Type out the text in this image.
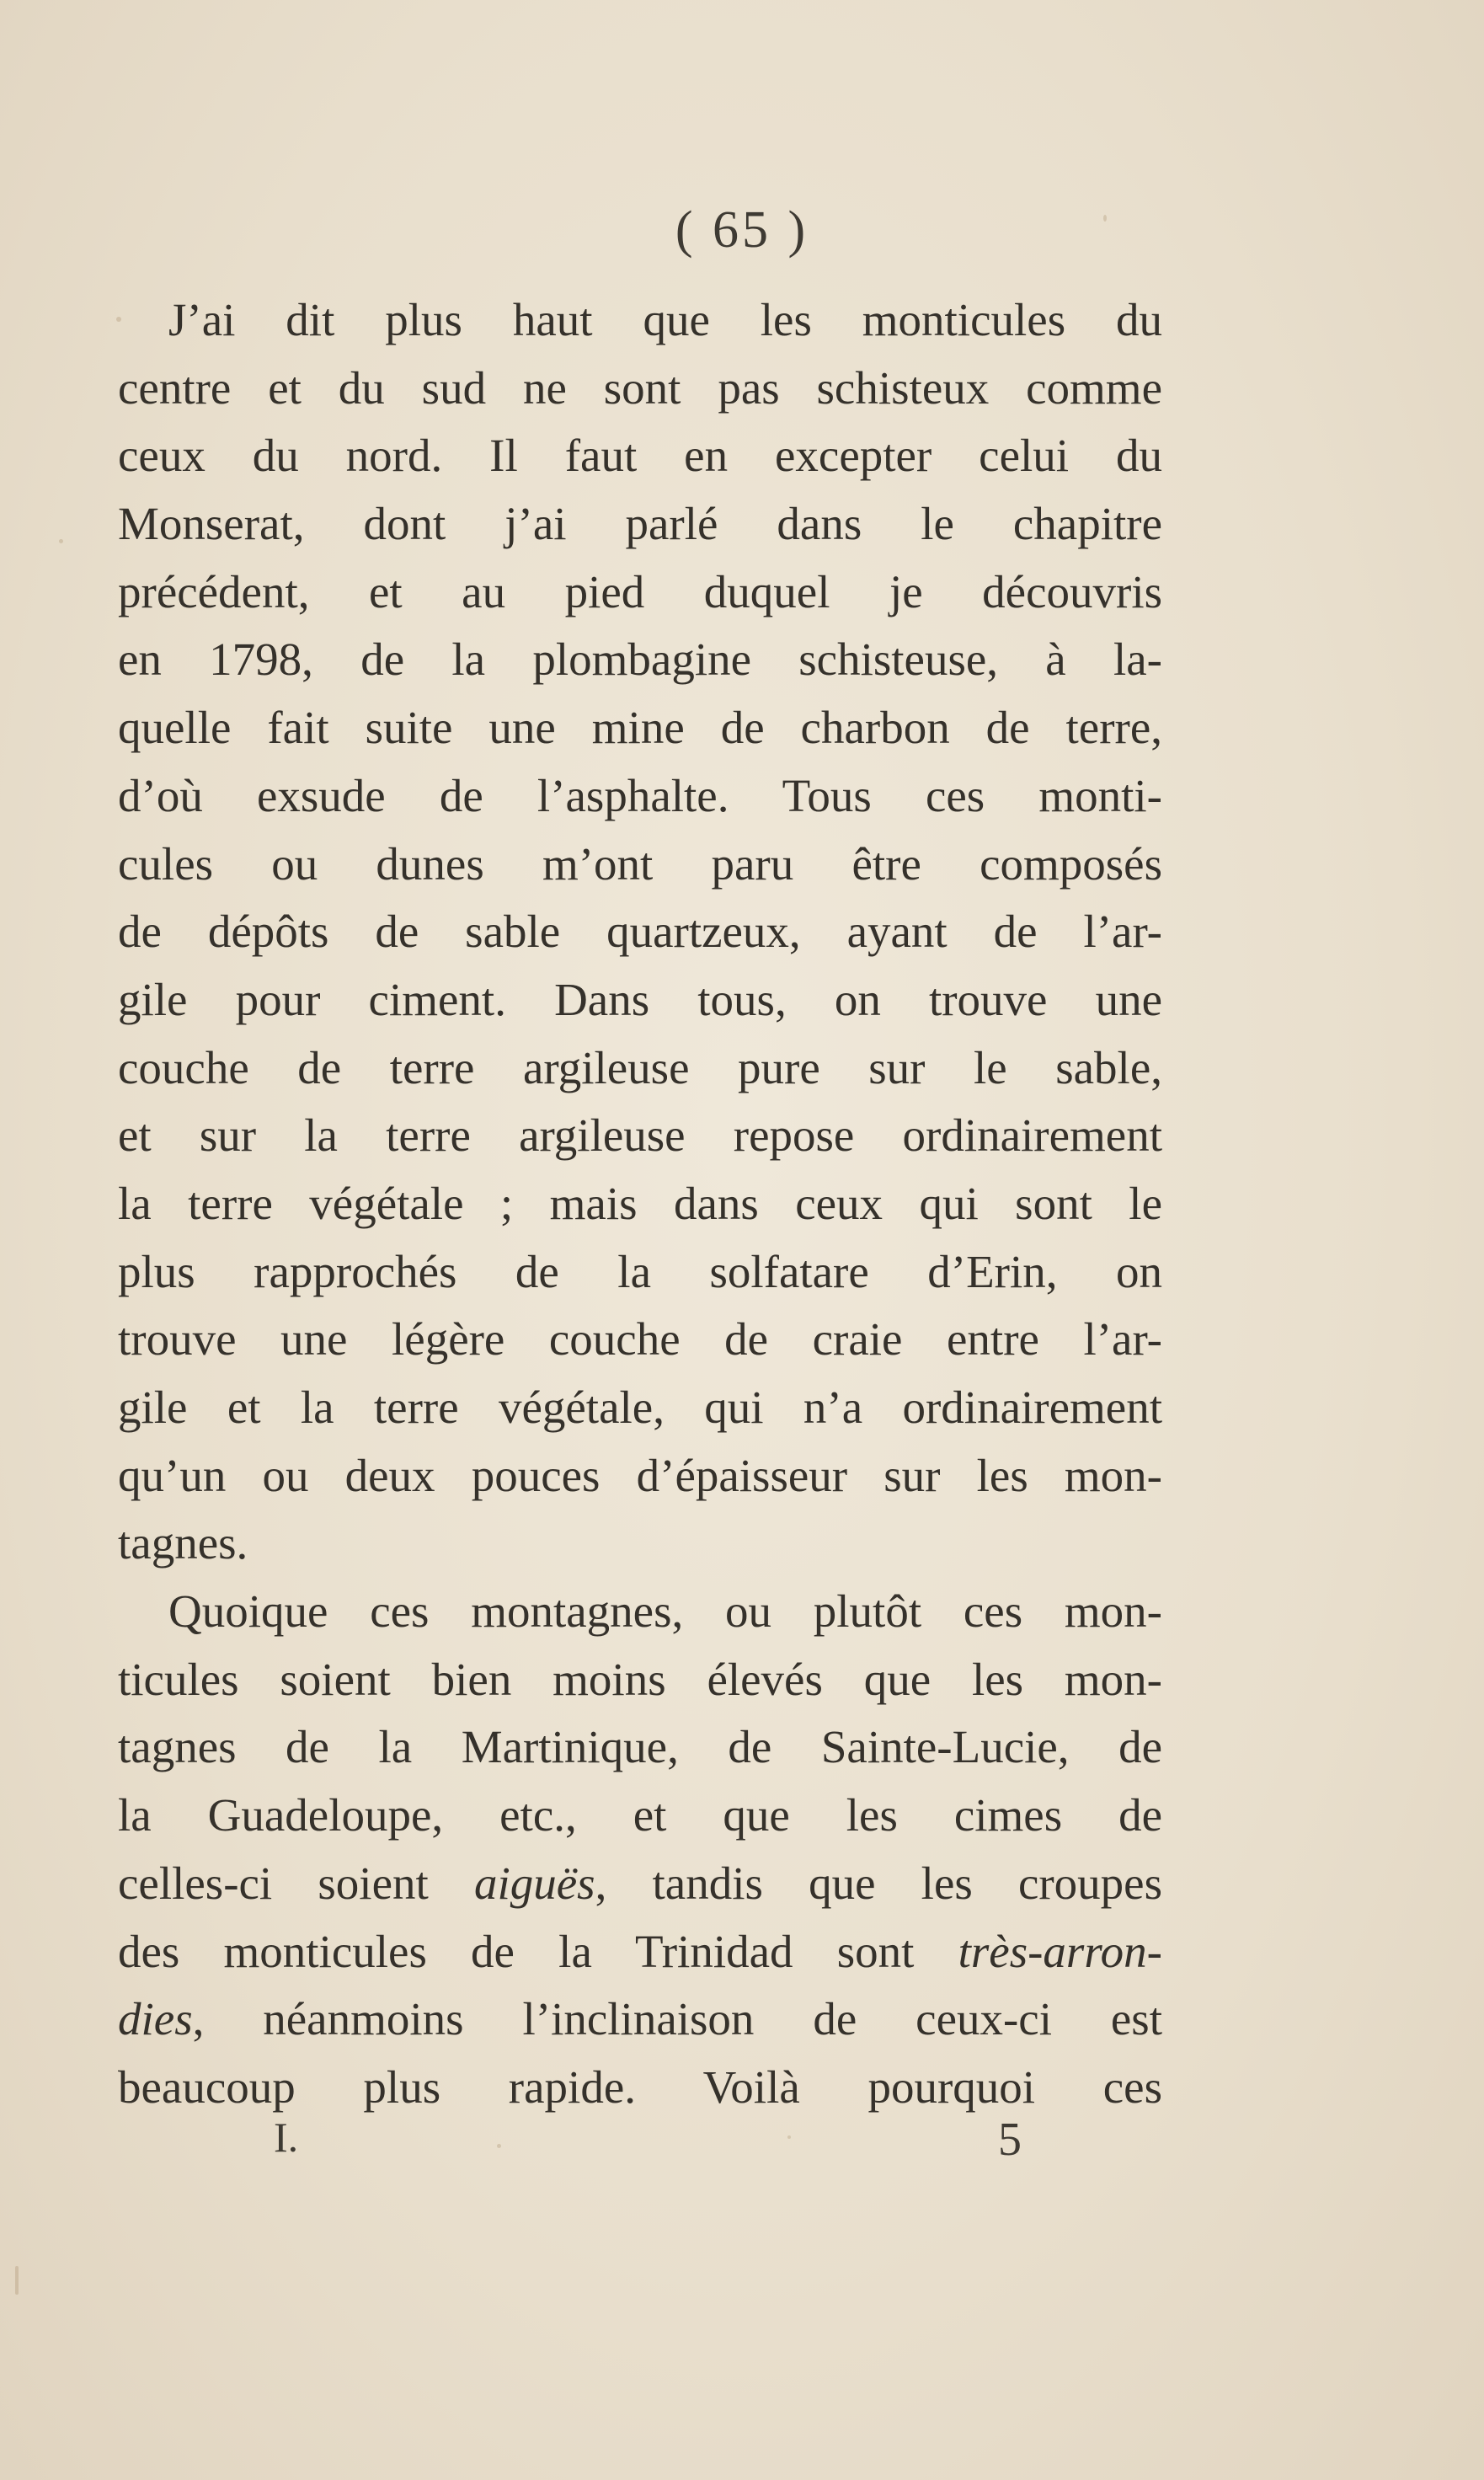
( 65 )
J’ai dit plus haut que les monticules du
centre et du sud ne sont pas schisteux comme
ceux du nord. Il faut en excepter celui du
Monserat, dont j’ai parlé dans le chapitre
précédent, et au pied duquel je découvris
en 1798, de la plombagine schisteuse, à la-
quelle fait suite une mine de charbon de terre,
d’où exsude de l’asphalte. Tous ces monti-
cules ou dunes m’ont paru être composés
de dépôts de sable quartzeux, ayant de l’ar-
gile pour ciment. Dans tous, on trouve une
couche de terre argileuse pure sur le sable,
et sur la terre argileuse repose ordinairement
la terre végétale ; mais dans ceux qui sont le
plus rapprochés de la solfatare d’Erin, on
trouve une légère couche de craie entre l’ar-
gile et la terre végétale, qui n’a ordinairement
qu’un ou deux pouces d’épaisseur sur les mon-
tagnes.
Quoique ces montagnes, ou plutôt ces mon-
ticules soient bien moins élevés que les mon-
tagnes de la Martinique, de Sainte-Lucie, de
la Guadeloupe, etc., et que les cimes de
celles-ci soient aiguës, tandis que les croupes
des monticules de la Trinidad sont très-arron-
dies, néanmoins l’inclinaison de ceux-ci est
beaucoup plus rapide. Voilà pourquoi ces
I.	5
